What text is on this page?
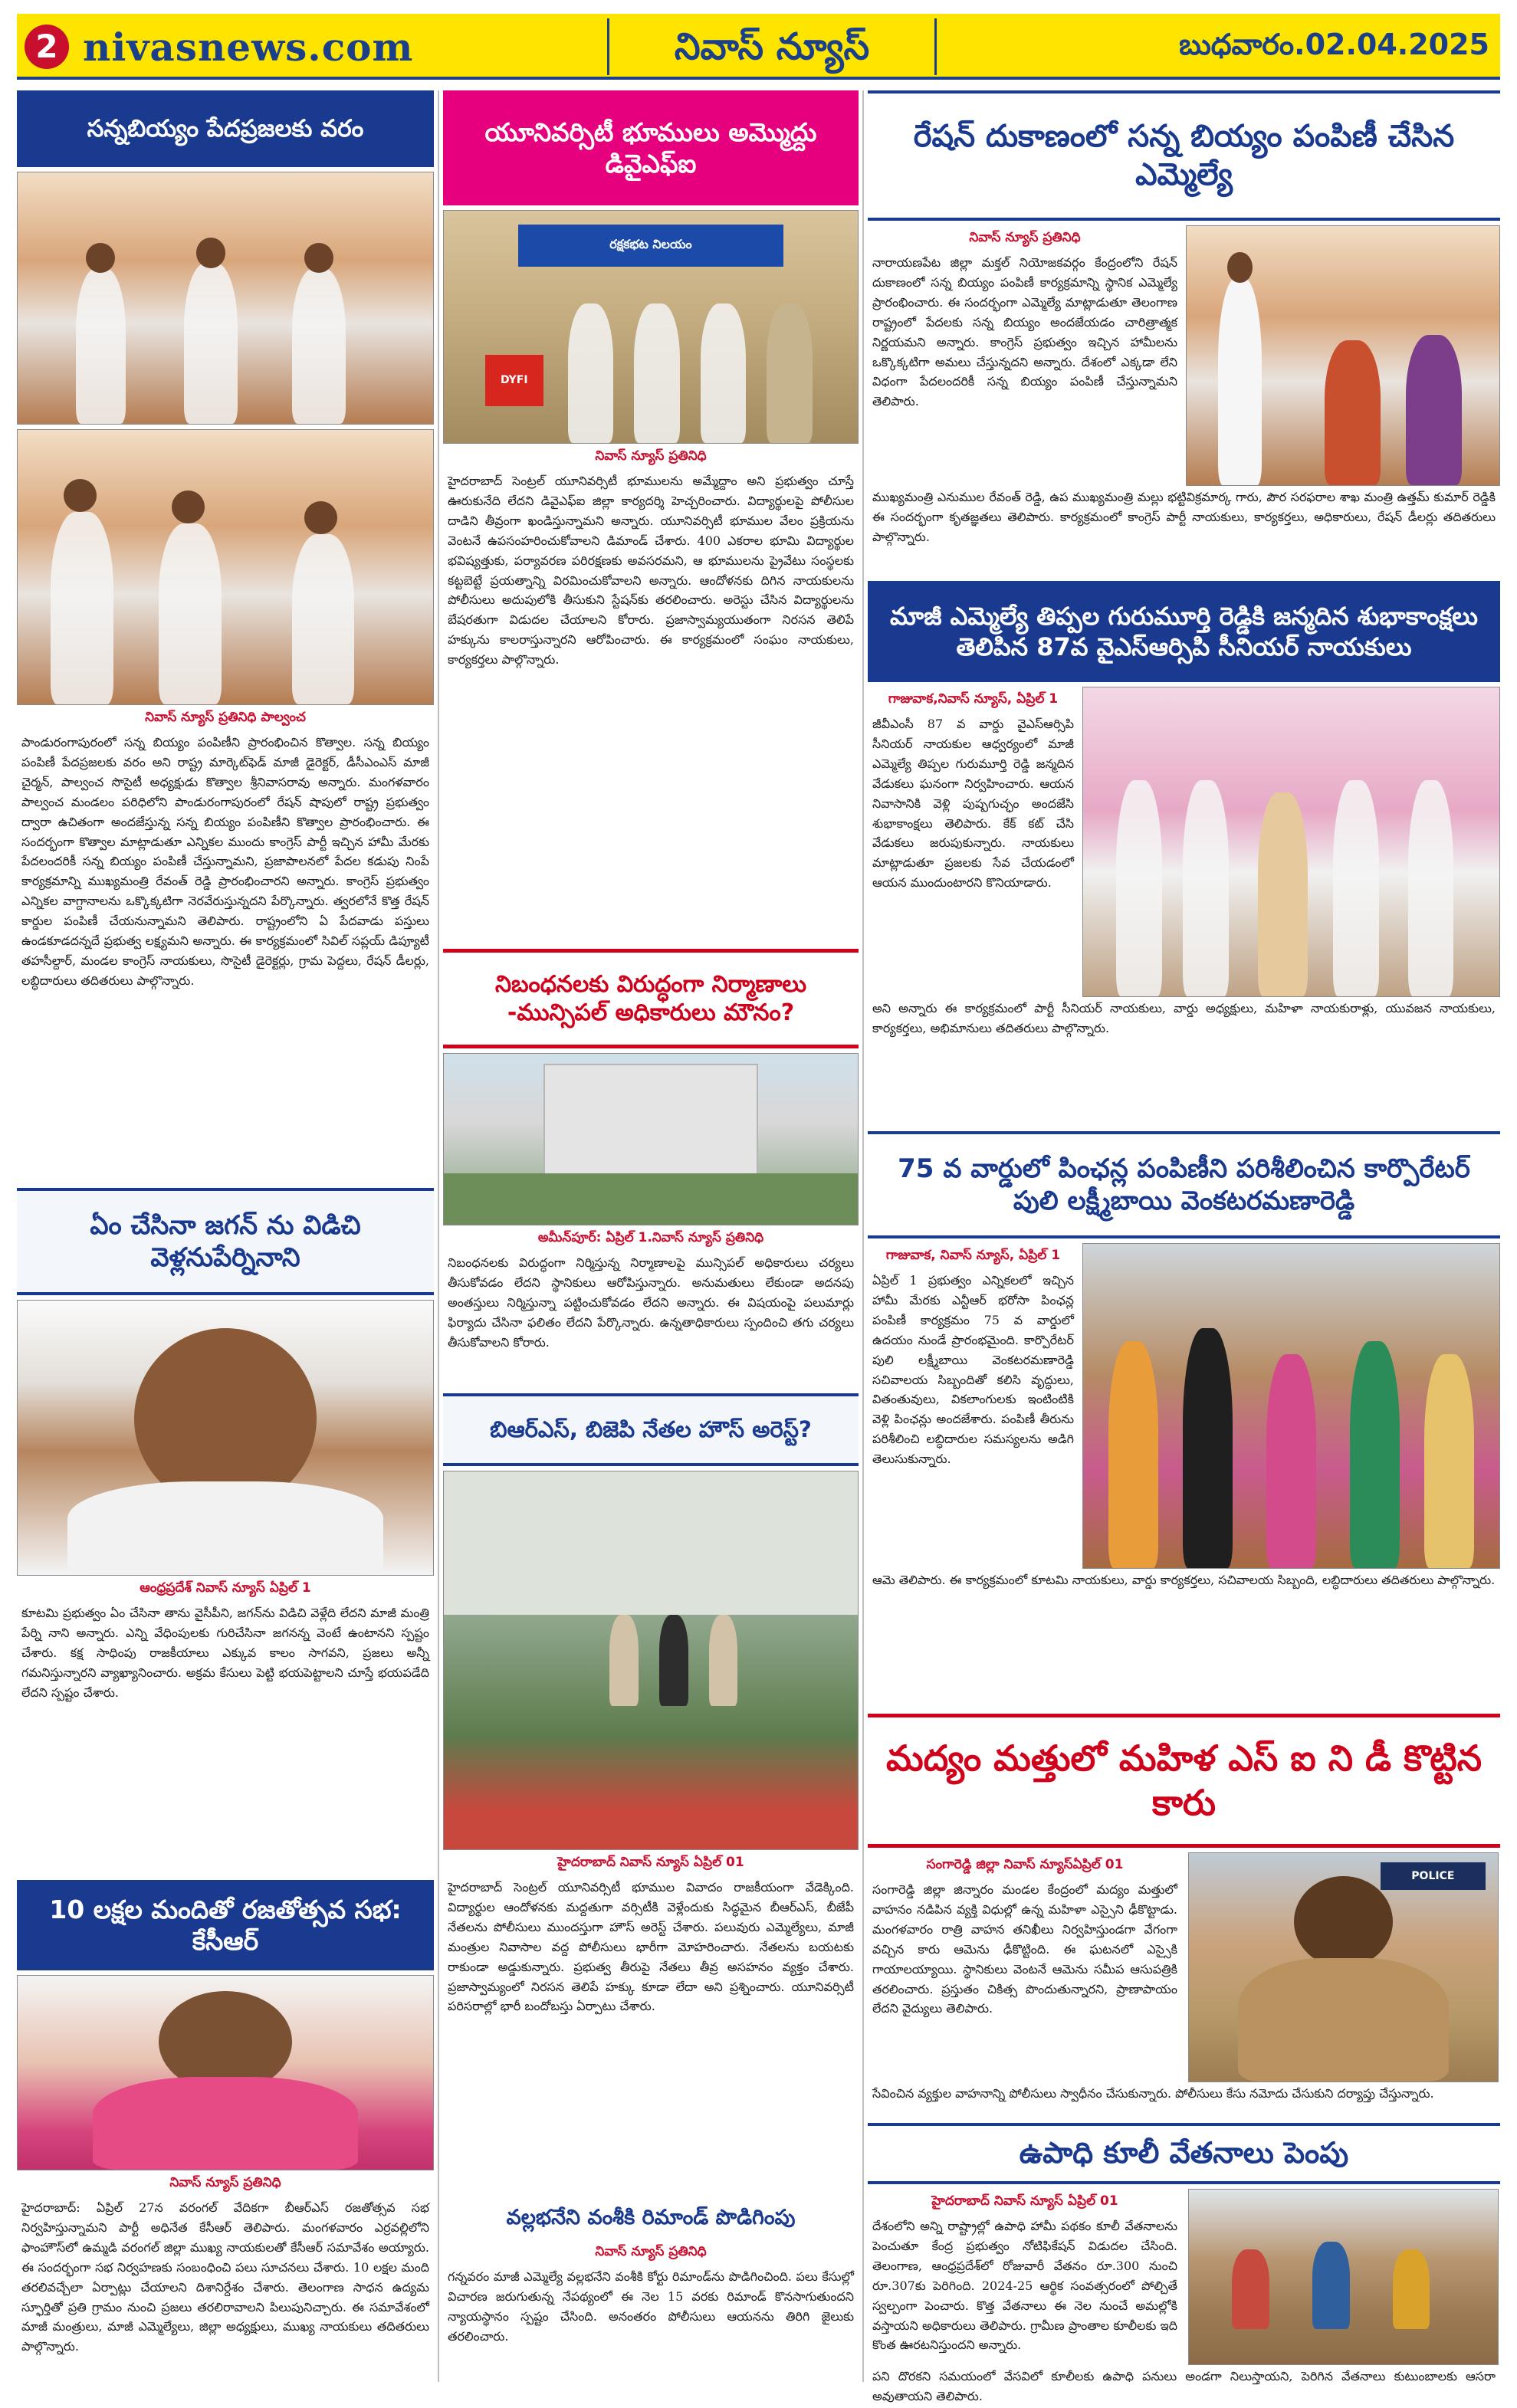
2 nivasnews.com	నివాస్ న్యూస్	బుధవారం.02.04.2025
సన్నబియ్యం పేదప్రజలకు వరం
నివాస్ న్యూస్ ప్రతినిధి పాల్వంచ

పాండురంగాపురంలో సన్న బియ్యం పంపిణీని ప్రారంభించిన కొత్వాల. సన్న బియ్యం పంపిణీ పేదప్రజలకు వరం అని రాష్ట్ర మార్కెట్‌ఫెడ్ మాజీ డైరెక్టర్, డీసీఎంఎస్ మాజీ చైర్మన్, పాల్వంచ సొసైటీ అధ్యక్షుడు కొత్వాల శ్రీనివాసరావు అన్నారు. మంగళవారం పాల్వంచ మండలం పరిధిలోని పాండురంగాపురంలో రేషన్ షాపులో రాష్ట్ర ప్రభుత్వం ద్వారా ఉచితంగా అందజేస్తున్న సన్న బియ్యం పంపిణీని కొత్వాల ప్రారంభించారు. ఈ సందర్భంగా కొత్వాల మాట్లాడుతూ ఎన్నికల ముందు కాంగ్రెస్ పార్టీ ఇచ్చిన హామీ మేరకు పేదలందరికీ సన్న బియ్యం పంపిణీ చేస్తున్నామని, ప్రజాపాలనలో పేదల కడుపు నింపే కార్యక్రమాన్ని ముఖ్యమంత్రి రేవంత్ రెడ్డి ప్రారంభించారని అన్నారు. కాంగ్రెస్ ప్రభుత్వం ఎన్నికల వాగ్దానాలను ఒక్కొక్కటిగా నెరవేరుస్తున్నదని పేర్కొన్నారు. త్వరలోనే కొత్త రేషన్ కార్డుల పంపిణీ చేయనున్నామని తెలిపారు. రాష్ట్రంలోని ఏ పేదవాడు పస్తులు ఉండకూడదన్నదే ప్రభుత్వ లక్ష్యమని అన్నారు. ఈ కార్యక్రమంలో సివిల్ సప్లయ్ డిప్యూటీ తహసీల్దార్, మండల కాంగ్రెస్ నాయకులు, సొసైటీ డైరెక్టర్లు, గ్రామ పెద్దలు, రేషన్ డీలర్లు, లబ్ధిదారులు తదితరులు పాల్గొన్నారు.

ఏం చేసినా జగన్ ను విడిచి వెళ్లనుపేర్నినాని
ఆంధ్రప్రదేశ్ నివాస్ న్యూస్ ఏప్రిల్ 1

కూటమి ప్రభుత్వం ఏం చేసినా తాను వైసీపీని, జగన్‌ను విడిచి వెళ్లేది లేదని మాజీ మంత్రి పేర్ని నాని అన్నారు. ఎన్ని వేధింపులకు గురిచేసినా జగనన్న వెంటే ఉంటానని స్పష్టం చేశారు. కక్ష సాధింపు రాజకీయాలు ఎక్కువ కాలం సాగవని, ప్రజలు అన్నీ గమనిస్తున్నారని వ్యాఖ్యానించారు. అక్రమ కేసులు పెట్టి భయపెట్టాలని చూస్తే భయపడేది లేదని స్పష్టం చేశారు.

10 లక్షల మందితో రజతోత్సవ సభ: కేసీఆర్
నివాస్ న్యూస్ ప్రతినిధి

హైదరాబాద్: ఏప్రిల్ 27న వరంగల్ వేదికగా బీఆర్‌ఎస్ రజతోత్సవ సభ నిర్వహిస్తున్నామని పార్టీ అధినేత కేసీఆర్ తెలిపారు. మంగళవారం ఎర్రవల్లిలోని ఫాంహౌస్‌లో ఉమ్మడి వరంగల్ జిల్లా ముఖ్య నాయకులతో కేసీఆర్ సమావేశం అయ్యారు. ఈ సందర్భంగా సభ నిర్వహణకు సంబంధించి పలు సూచనలు చేశారు. 10 లక్షల మంది తరలివచ్చేలా ఏర్పాట్లు చేయాలని దిశానిర్దేశం చేశారు. తెలంగాణ సాధన ఉద్యమ స్ఫూర్తితో ప్రతి గ్రామం నుంచి ప్రజలు తరలిరావాలని పిలుపునిచ్చారు. ఈ సమావేశంలో మాజీ మంత్రులు, మాజీ ఎమ్మెల్యేలు, జిల్లా అధ్యక్షులు, ముఖ్య నాయకులు తదితరులు పాల్గొన్నారు.

యూనివర్సిటీ భూములు అమ్మొద్దు డివైఎఫ్ఐ
రక్షకభట నిలయం
DYFI
నివాస్ న్యూస్ ప్రతినిధి

హైదరాబాద్ సెంట్రల్ యూనివర్సిటీ భూములను అమ్మేద్దాం అని ప్రభుత్వం చూస్తే ఊరుకునేది లేదని డివైఎఫ్ఐ జిల్లా కార్యదర్శి హెచ్చరించారు. విద్యార్థులపై పోలీసుల దాడిని తీవ్రంగా ఖండిస్తున్నామని అన్నారు. యూనివర్సిటీ భూముల వేలం ప్రక్రియను వెంటనే ఉపసంహరించుకోవాలని డిమాండ్ చేశారు. 400 ఎకరాల భూమి విద్యార్థుల భవిష్యత్తుకు, పర్యావరణ పరిరక్షణకు అవసరమని, ఆ భూములను ప్రైవేటు సంస్థలకు కట్టబెట్టే ప్రయత్నాన్ని విరమించుకోవాలని అన్నారు. ఆందోళనకు దిగిన నాయకులను పోలీసులు అదుపులోకి తీసుకుని స్టేషన్‌కు తరలించారు. అరెస్టు చేసిన విద్యార్థులను బేషరతుగా విడుదల చేయాలని కోరారు. ప్రజాస్వామ్యయుతంగా నిరసన తెలిపే హక్కును కాలరాస్తున్నారని ఆరోపించారు. ఈ కార్యక్రమంలో సంఘం నాయకులు, కార్యకర్తలు పాల్గొన్నారు.

నిబంధనలకు విరుద్ధంగా నిర్మాణాలు -మున్సిపల్ అధికారులు మౌనం?
అమీన్‌పూర్: ఏప్రిల్ 1.నివాస్ న్యూస్ ప్రతినిధి

నిబంధనలకు విరుద్ధంగా నిర్మిస్తున్న నిర్మాణాలపై మున్సిపల్ అధికారులు చర్యలు తీసుకోవడం లేదని స్థానికులు ఆరోపిస్తున్నారు. అనుమతులు లేకుండా అదనపు అంతస్తులు నిర్మిస్తున్నా పట్టించుకోవడం లేదని అన్నారు. ఈ విషయంపై పలుమార్లు ఫిర్యాదు చేసినా ఫలితం లేదని పేర్కొన్నారు. ఉన్నతాధికారులు స్పందించి తగు చర్యలు తీసుకోవాలని కోరారు.

బిఆర్ఎస్, బిజెపి నేతల హౌస్ అరెస్ట్?
హైదరాబాద్ నివాస్ న్యూస్ ఏప్రిల్ 01

హైదరాబాద్ సెంట్రల్ యూనివర్సిటీ భూముల వివాదం రాజకీయంగా వేడెక్కింది. విద్యార్థుల ఆందోళనకు మద్దతుగా వర్సిటీకి వెళ్లేందుకు సిద్ధమైన బీఆర్‌ఎస్, బీజేపీ నేతలను పోలీసులు ముందస్తుగా హౌస్ అరెస్ట్ చేశారు. పలువురు ఎమ్మెల్యేలు, మాజీ మంత్రుల నివాసాల వద్ద పోలీసులు భారీగా మోహరించారు. నేతలను బయటకు రాకుండా అడ్డుకున్నారు. ప్రభుత్వ తీరుపై నేతలు తీవ్ర అసహనం వ్యక్తం చేశారు. ప్రజాస్వామ్యంలో నిరసన తెలిపే హక్కు కూడా లేదా అని ప్రశ్నించారు. యూనివర్సిటీ పరిసరాల్లో భారీ బందోబస్తు ఏర్పాటు చేశారు.

వల్లభనేని వంశీకి రిమాండ్ పొడిగింపు
నివాస్ న్యూస్ ప్రతినిధి

గన్నవరం మాజీ ఎమ్మెల్యే వల్లభనేని వంశీకి కోర్టు రిమాండ్‌ను పొడిగించింది. పలు కేసుల్లో విచారణ జరుగుతున్న నేపథ్యంలో ఈ నెల 15 వరకు రిమాండ్ కొనసాగుతుందని న్యాయస్థానం స్పష్టం చేసింది. అనంతరం పోలీసులు ఆయనను తిరిగి జైలుకు తరలించారు.

రేషన్ దుకాణంలో సన్న బియ్యం పంపిణీ చేసిన ఎమ్మెల్యే
నివాస్ న్యూస్ ప్రతినిధి

నారాయణపేట జిల్లా మక్తల్ నియోజకవర్గం కేంద్రంలోని రేషన్ దుకాణంలో సన్న బియ్యం పంపిణీ కార్యక్రమాన్ని స్థానిక ఎమ్మెల్యే ప్రారంభించారు. ఈ సందర్భంగా ఎమ్మెల్యే మాట్లాడుతూ తెలంగాణ రాష్ట్రంలో పేదలకు సన్న బియ్యం అందజేయడం చారిత్రాత్మక నిర్ణయమని అన్నారు. కాంగ్రెస్ ప్రభుత్వం ఇచ్చిన హామీలను ఒక్కొక్కటిగా అమలు చేస్తున్నదని అన్నారు. దేశంలో ఎక్కడా లేని విధంగా పేదలందరికీ సన్న బియ్యం పంపిణీ చేస్తున్నామని తెలిపారు.

ముఖ్యమంత్రి ఎనుముల రేవంత్ రెడ్డి, ఉప ముఖ్యమంత్రి మల్లు భట్టివిక్రమార్క గారు, పౌర సరఫరాల శాఖ మంత్రి ఉత్తమ్ కుమార్ రెడ్డికి ఈ సందర్భంగా కృతజ్ఞతలు తెలిపారు. కార్యక్రమంలో కాంగ్రెస్ పార్టీ నాయకులు, కార్యకర్తలు, అధికారులు, రేషన్ డీలర్లు తదితరులు పాల్గొన్నారు.

మాజీ ఎమ్మెల్యే తిప్పల గురుమూర్తి రెడ్డికి జన్మదిన శుభాకాంక్షలు తెలిపిన 87వ వైఎస్ఆర్సిపి సీనియర్ నాయకులు
గాజువాక,నివాస్ న్యూస్, ఏప్రిల్ 1

జీవీఎంసీ 87 వ వార్డు వైఎస్ఆర్సిపి సీనియర్ నాయకుల ఆధ్వర్యంలో మాజీ ఎమ్మెల్యే తిప్పల గురుమూర్తి రెడ్డి జన్మదిన వేడుకలు ఘనంగా నిర్వహించారు. ఆయన నివాసానికి వెళ్లి పుష్పగుచ్ఛం అందజేసి శుభాకాంక్షలు తెలిపారు. కేక్ కట్ చేసి వేడుకలు జరుపుకున్నారు. నాయకులు మాట్లాడుతూ ప్రజలకు సేవ చేయడంలో ఆయన ముందుంటారని కొనియాడారు.

అని అన్నారు ఈ కార్యక్రమంలో పార్టీ సీనియర్ నాయకులు, వార్డు అధ్యక్షులు, మహిళా నాయకురాళ్లు, యువజన నాయకులు, కార్యకర్తలు, అభిమానులు తదితరులు పాల్గొన్నారు.

75 వ వార్డులో పింఛన్ల పంపిణీని పరిశీలించిన కార్పొరేటర్ పులి లక్ష్మీబాయి వెంకటరమణారెడ్డి
గాజువాక, నివాస్ న్యూస్, ఏప్రిల్ 1

ఏప్రిల్ 1 ప్రభుత్వం ఎన్నికలలో ఇచ్చిన హామీ మేరకు ఎన్టీఆర్ భరోసా పింఛన్ల పంపిణీ కార్యక్రమం 75 వ వార్డులో ఉదయం నుండే ప్రారంభమైంది. కార్పొరేటర్ పులి లక్ష్మీబాయి వెంకటరమణారెడ్డి సచివాలయ సిబ్బందితో కలిసి వృద్ధులు, వితంతువులు, వికలాంగులకు ఇంటింటికి వెళ్లి పింఛన్లు అందజేశారు. పంపిణీ తీరును పరిశీలించి లబ్ధిదారుల సమస్యలను అడిగి తెలుసుకున్నారు.

ఆమె తెలిపారు. ఈ కార్యక్రమంలో కూటమి నాయకులు, వార్డు కార్యకర్తలు, సచివాలయ సిబ్బంది, లబ్ధిదారులు తదితరులు పాల్గొన్నారు.

మద్యం మత్తులో మహిళ ఎస్ ఐ ని డీ కొట్టిన కారు
సంగారెడ్డి జిల్లా నివాస్ న్యూస్ఏప్రిల్ 01

సంగారెడ్డి జిల్లా జిన్నారం మండల కేంద్రంలో మద్యం మత్తులో వాహనం నడిపిన వ్యక్తి విధుల్లో ఉన్న మహిళా ఎస్సైని ఢీకొట్టాడు. మంగళవారం రాత్రి వాహన తనిఖీలు నిర్వహిస్తుండగా వేగంగా వచ్చిన కారు ఆమెను ఢీకొట్టింది. ఈ ఘటనలో ఎస్సైకి గాయాలయ్యాయి. స్థానికులు వెంటనే ఆమెను సమీప ఆసుపత్రికి తరలించారు. ప్రస్తుతం చికిత్స పొందుతున్నారని, ప్రాణాపాయం లేదని వైద్యులు తెలిపారు.

POLICE

సేవించిన వ్యక్తుల వాహనాన్ని పోలీసులు స్వాధీనం చేసుకున్నారు. పోలీసులు కేసు నమోదు చేసుకుని దర్యాప్తు చేస్తున్నారు.

ఉపాధి కూలీ వేతనాలు పెంపు
హైదరాబాద్ నివాస్ న్యూస్ ఏప్రిల్ 01

దేశంలోని అన్ని రాష్ట్రాల్లో ఉపాధి హామీ పథకం కూలీ వేతనాలను పెంచుతూ కేంద్ర ప్రభుత్వం నోటిఫికేషన్ విడుదల చేసింది. తెలంగాణ, ఆంధ్రప్రదేశ్‌లో రోజువారీ వేతనం రూ.300 నుంచి రూ.307కు పెరిగింది. 2024-25 ఆర్థిక సంవత్సరంలో పోల్చితే స్వల్పంగా పెంచారు. కొత్త వేతనాలు ఈ నెల నుంచే అమల్లోకి వస్తాయని అధికారులు తెలిపారు. గ్రామీణ ప్రాంతాల కూలీలకు ఇది కొంత ఊరటనిస్తుందని అన్నారు.

పని దొరకని సమయంలో వేసవిలో కూలీలకు ఉపాధి పనులు అండగా నిలుస్తాయని, పెరిగిన వేతనాలు కుటుంబాలకు ఆసరా అవుతాయని తెలిపారు.
